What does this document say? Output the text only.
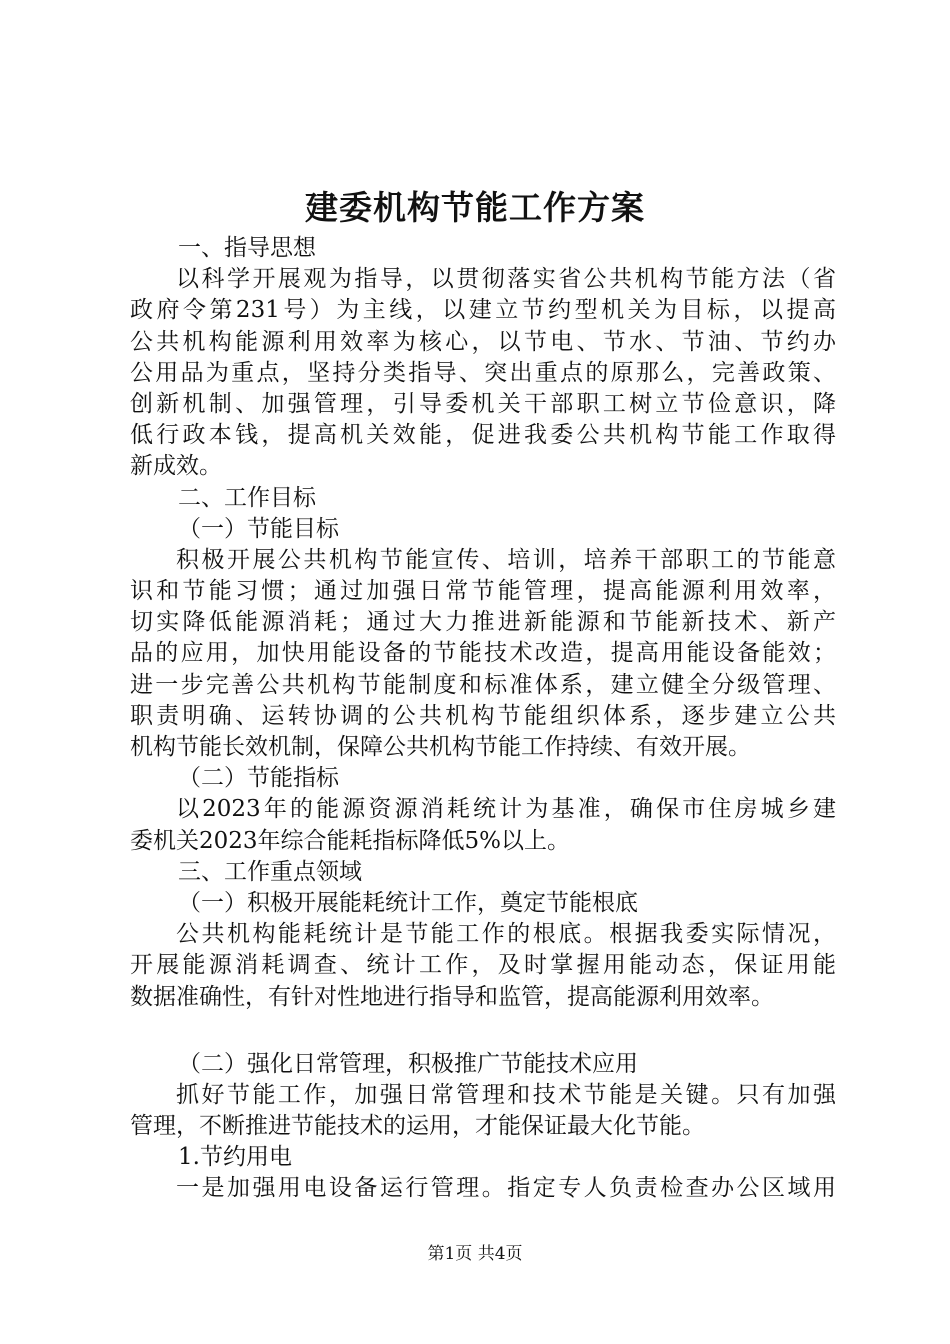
建委机构节能工作方案
一、指导思想
以科学开展观为指导，以贯彻落实省公共机构节能方法（省
政府令第231号）为主线，以建立节约型机关为目标，以提高
公共机构能源利用效率为核心，以节电、节水、节油、节约办
公用品为重点，坚持分类指导、突出重点的原那么，完善政策、
创新机制、加强管理，引导委机关干部职工树立节俭意识，降
低行政本钱，提高机关效能，促进我委公共机构节能工作取得
新成效。
二、工作目标
（一）节能目标
积极开展公共机构节能宣传、培训，培养干部职工的节能意
识和节能习惯；通过加强日常节能管理，提高能源利用效率，
切实降低能源消耗；通过大力推进新能源和节能新技术、新产
品的应用，加快用能设备的节能技术改造，提高用能设备能效；
进一步完善公共机构节能制度和标准体系，建立健全分级管理、
职责明确、运转协调的公共机构节能组织体系，逐步建立公共
机构节能长效机制，保障公共机构节能工作持续、有效开展。
（二）节能指标
以2023年的能源资源消耗统计为基准，确保市住房城乡建
委机关2023年综合能耗指标降低5%以上。
三、工作重点领域
（一）积极开展能耗统计工作，奠定节能根底
公共机构能耗统计是节能工作的根底。根据我委实际情况，
开展能源消耗调查、统计工作，及时掌握用能动态，保证用能
数据准确性，有针对性地进行指导和监管，提高能源利用效率。
（二）强化日常管理，积极推广节能技术应用
抓好节能工作，加强日常管理和技术节能是关键。只有加强
管理，不断推进节能技术的运用，才能保证最大化节能。
1.节约用电
一是加强用电设备运行管理。指定专人负责检查办公区域用
第1页 共4页
